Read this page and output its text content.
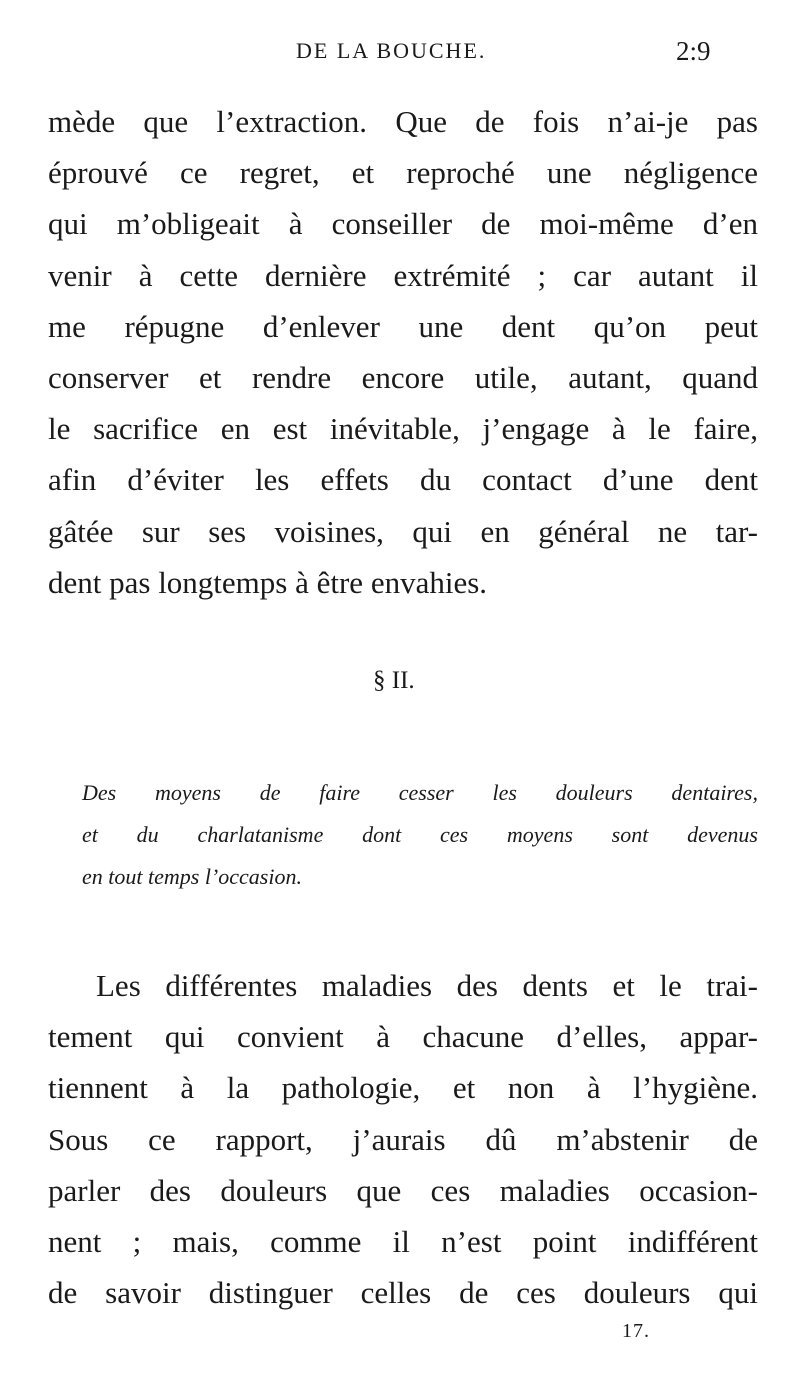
DE LA BOUCHE.	2:9
mède que l’extraction. Que de fois n’ai-je pas
éprouvé ce regret, et reproché une négligence
qui m’obligeait à conseiller de moi-même d’en
venir à cette dernière extrémité ; car autant il
me répugne d’enlever une dent qu’on peut
conserver et rendre encore utile, autant, quand
le sacrifice en est inévitable, j’engage à le faire,
afin d’éviter les effets du contact d’une dent
gâtée sur ses voisines, qui en général ne tar-
dent pas longtemps à être envahies.
§ II.
Des moyens de faire cesser les douleurs dentaires,
et du charlatanisme dont ces moyens sont devenus
en tout temps l’occasion.
Les différentes maladies des dents et le trai-
tement qui convient à chacune d’elles, appar-
tiennent à la pathologie, et non à l’hygiène.
Sous ce rapport, j’aurais dû m’abstenir de
parler des douleurs que ces maladies occasion-
nent ; mais, comme il n’est point indifférent
de savoir distinguer celles de ces douleurs qui
17.
